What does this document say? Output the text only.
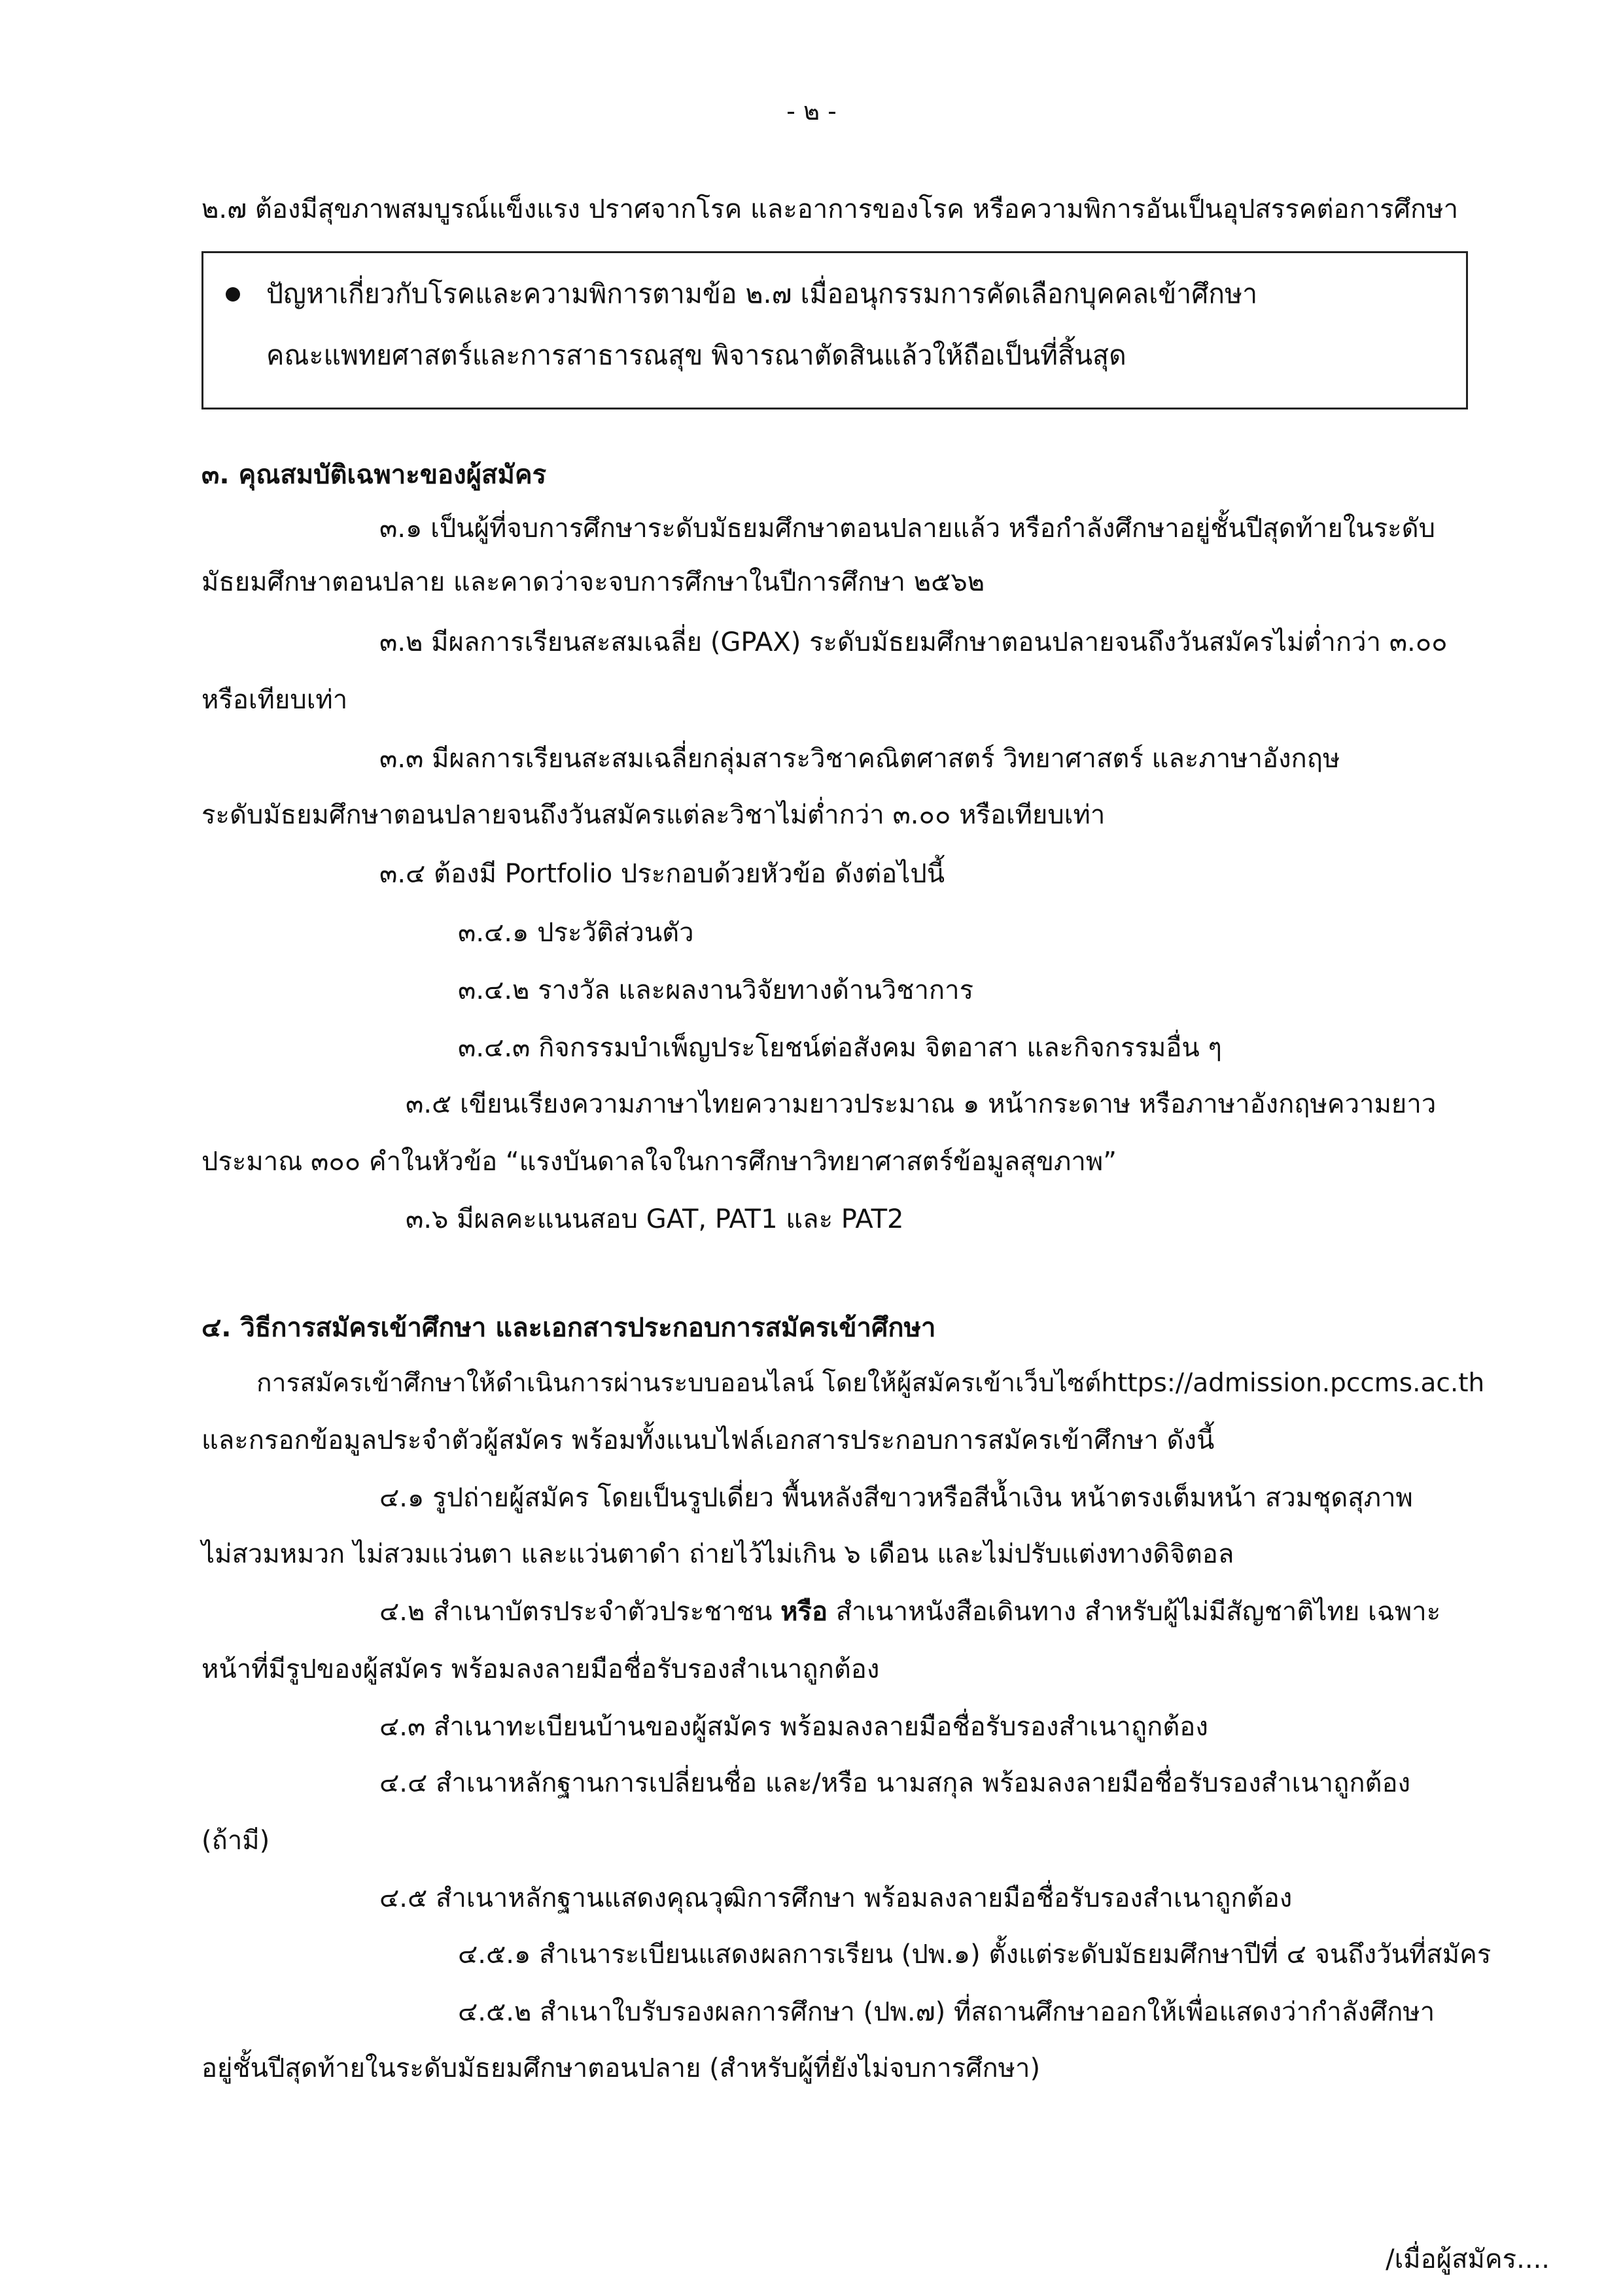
- ๒ -
๒.๗ ต้องมีสุขภาพสมบูรณ์แข็งแรง ปราศจากโรค และอาการของโรค หรือความพิการอันเป็นอุปสรรคต่อการศึกษา
ปัญหาเกี่ยวกับโรคและความพิการตามข้อ ๒.๗ เมื่ออนุกรรมการคัดเลือกบุคคลเข้าศึกษา
คณะแพทยศาสตร์และการสาธารณสุข พิจารณาตัดสินแล้วให้ถือเป็นที่สิ้นสุด
๓. คุณสมบัติเฉพาะของผู้สมัคร
๓.๑ เป็นผู้ที่จบการศึกษาระดับมัธยมศึกษาตอนปลายแล้ว หรือกำลังศึกษาอยู่ชั้นปีสุดท้ายในระดับ
มัธยมศึกษาตอนปลาย และคาดว่าจะจบการศึกษาในปีการศึกษา ๒๕๖๒
๓.๒ มีผลการเรียนสะสมเฉลี่ย (GPAX) ระดับมัธยมศึกษาตอนปลายจนถึงวันสมัครไม่ต่ำกว่า ๓.๐๐
หรือเทียบเท่า
๓.๓ มีผลการเรียนสะสมเฉลี่ยกลุ่มสาระวิชาคณิตศาสตร์ วิทยาศาสตร์ และภาษาอังกฤษ
ระดับมัธยมศึกษาตอนปลายจนถึงวันสมัครแต่ละวิชาไม่ต่ำกว่า ๓.๐๐ หรือเทียบเท่า
๓.๔ ต้องมี Portfolio ประกอบด้วยหัวข้อ ดังต่อไปนี้
๓.๔.๑ ประวัติส่วนตัว
๓.๔.๒ รางวัล และผลงานวิจัยทางด้านวิชาการ
๓.๔.๓ กิจกรรมบำเพ็ญประโยชน์ต่อสังคม จิตอาสา และกิจกรรมอื่น ๆ
๓.๕ เขียนเรียงความภาษาไทยความยาวประมาณ ๑ หน้ากระดาษ หรือภาษาอังกฤษความยาว
ประมาณ ๓๐๐ คำในหัวข้อ “แรงบันดาลใจในการศึกษาวิทยาศาสตร์ข้อมูลสุขภาพ”
๓.๖ มีผลคะแนนสอบ GAT, PAT1 และ PAT2
๔. วิธีการสมัครเข้าศึกษา และเอกสารประกอบการสมัครเข้าศึกษา
การสมัครเข้าศึกษาให้ดำเนินการผ่านระบบออนไลน์ โดยให้ผู้สมัครเข้าเว็บไซต์https://admission.pccms.ac.th
และกรอกข้อมูลประจำตัวผู้สมัคร พร้อมทั้งแนบไฟล์เอกสารประกอบการสมัครเข้าศึกษา ดังนี้
๔.๑ รูปถ่ายผู้สมัคร โดยเป็นรูปเดี่ยว พื้นหลังสีขาวหรือสีน้ำเงิน หน้าตรงเต็มหน้า สวมชุดสุภาพ
ไม่สวมหมวก ไม่สวมแว่นตา และแว่นตาดำ ถ่ายไว้ไม่เกิน ๖ เดือน และไม่ปรับแต่งทางดิจิตอล
๔.๒ สำเนาบัตรประจำตัวประชาชน หรือ สำเนาหนังสือเดินทาง สำหรับผู้ไม่มีสัญชาติไทย เฉพาะ
หน้าที่มีรูปของผู้สมัคร พร้อมลงลายมือชื่อรับรองสำเนาถูกต้อง
๔.๓ สำเนาทะเบียนบ้านของผู้สมัคร พร้อมลงลายมือชื่อรับรองสำเนาถูกต้อง
๔.๔ สำเนาหลักฐานการเปลี่ยนชื่อ และ/หรือ นามสกุล พร้อมลงลายมือชื่อรับรองสำเนาถูกต้อง
(ถ้ามี)
๔.๕ สำเนาหลักฐานแสดงคุณวุฒิการศึกษา พร้อมลงลายมือชื่อรับรองสำเนาถูกต้อง
๔.๕.๑ สำเนาระเบียนแสดงผลการเรียน (ปพ.๑) ตั้งแต่ระดับมัธยมศึกษาปีที่ ๔ จนถึงวันที่สมัคร
๔.๕.๒ สำเนาใบรับรองผลการศึกษา (ปพ.๗) ที่สถานศึกษาออกให้เพื่อแสดงว่ากำลังศึกษา
อยู่ชั้นปีสุดท้ายในระดับมัธยมศึกษาตอนปลาย (สำหรับผู้ที่ยังไม่จบการศึกษา)
/เมื่อผู้สมัคร....
